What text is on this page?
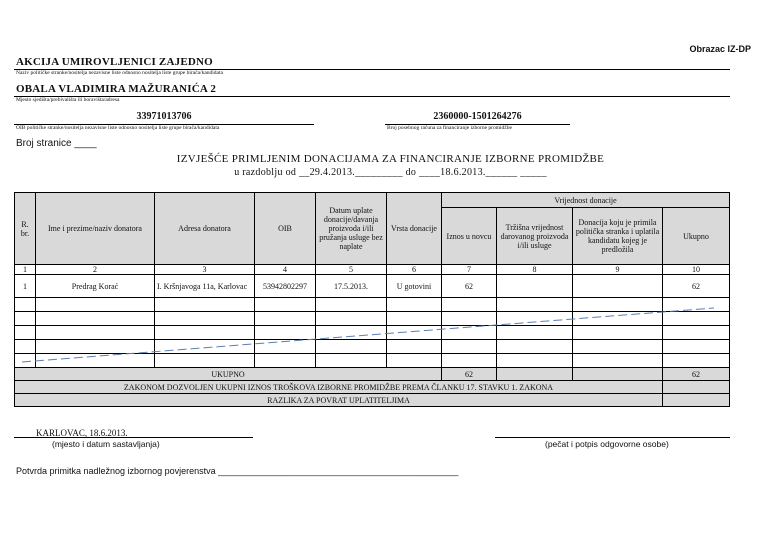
Obrazac IZ-DP
AKCIJA UMIROVLJENICI ZAJEDNO
Naziv političke stranke/nositelja nezavisne liste odnosno nositelja liste grupe birača/kandidata
OBALA VLADIMIRA MAŽURANIĆA 2
Mjesto sjedišta/prebivališta ili boravišta/adresa
33971013706
OIB političke stranke/nositelja nezavisne liste odnosno nositelja liste grupe birača/kandidata
2360000-1501264276
Broj posebnog računa za financiranje izborne promidžbe
Broj stranice ____
IZVJEŠĆE PRIMLJENIM DONACIJAMA ZA FINANCIRANJE IZBORNE PROMIDŽBE
u razdoblju od __29.4.2013._________ do ____18.6.2013.______ _____
R. br.	Ime i prezime/naziv donatora	Adresa donatora	OIB	Datum uplate donacije/davanja proizvoda i/ili pružanja usluge bez naplate	Vrsta donacije	Vrijednost donacije			
						Iznos u novcu	Tržišna vrijednost darovanog proizvoda i/ili usluge	Donacija koju je primila politička stranka i uplatila kandidatu kojeg je predložila	Ukupno
1	2	3	4	5	6	7	8	9	10
1	Predrag Korać	I. Kršnjavoga 11a, Karlovac	53942802297	17.5.2013.	U gotovini	62			62

UKUPNO						62			62
ZAKONOM DOZVOLJEN UKUPNI IZNOS TROŠKOVA IZBORNE PROMIDŽBE PREMA ČLANKU 17. STAVKU 1. ZAKONA									
RAZLIKA ZA POVRAT UPLATITELJIMA									
KARLOVAC, 18.6.2013.
(mjesto i datum sastavljanja)	(pečat i potpis odgovorne osobe)
Potvrda primitka nadležnog izbornog povjerenstva ________________________________________________
